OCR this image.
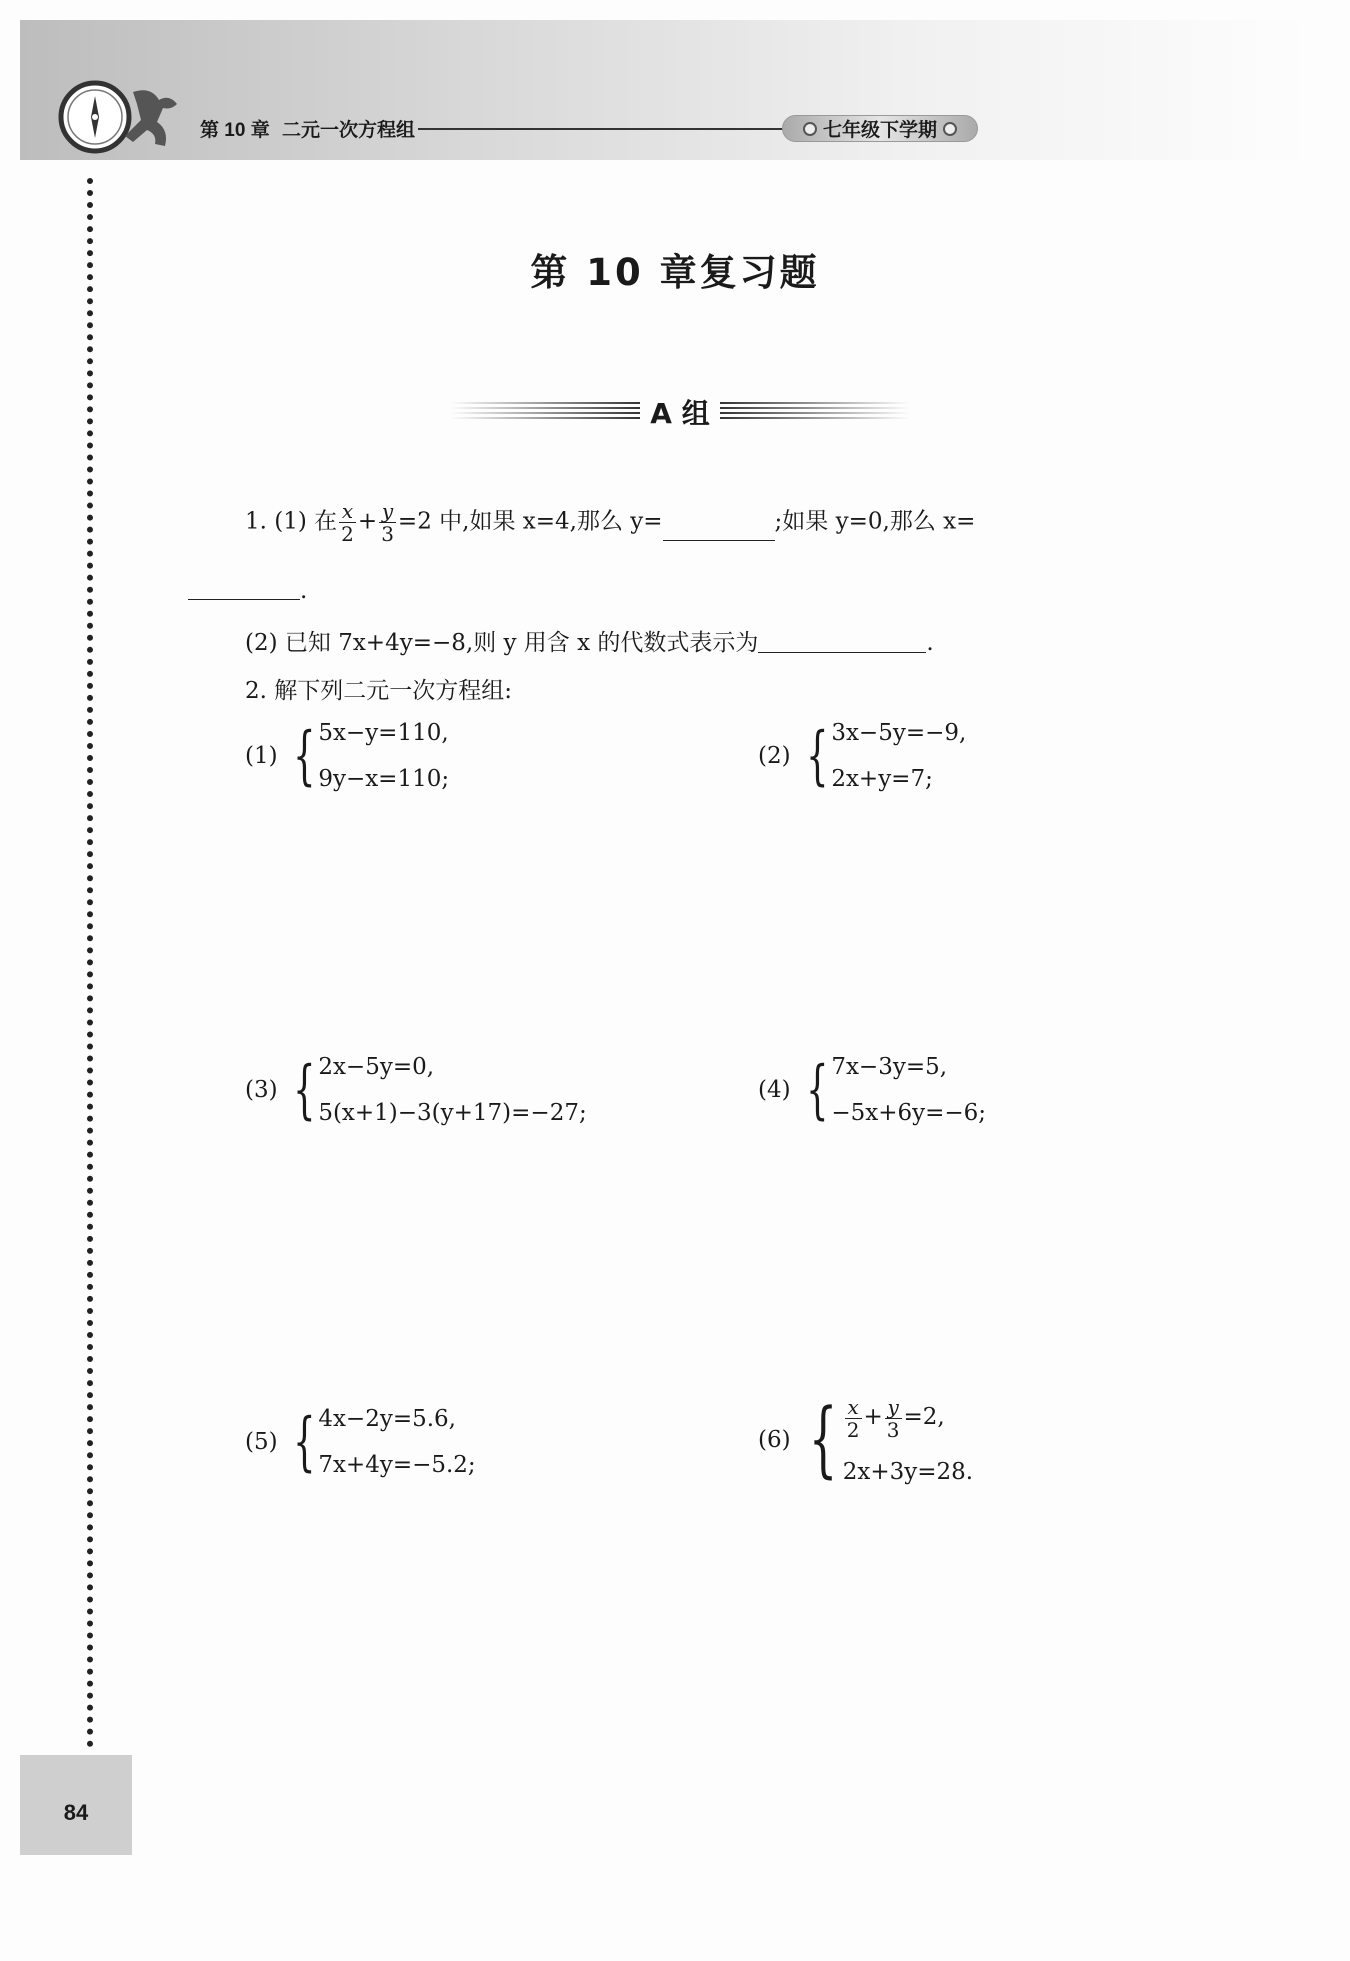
第 10 章 二元一次方程组	七年级下学期
84
第 10 章复习题
A 组
1. (1) 在 $\frac{x}{2} + \frac{y}{3} =2$ 中,如果 x=4,那么 y=	;如果 y=0,那么 x=
.
(2) 已知 7x+4y=−8,则 y 用含 x 的代数式表示为	.
2. 解下列二元一次方程组:
(1) { 5x−y=110,
9y−x=110;
(2) { 3x−5y=−9,
2x+y=7;
(3) { 2x−5y=0,
5(x+1)−3(y+17)=−27;
(4) { 7x−3y=5,
−5x+6y=−6;
(5) { 4x−2y=5.6,
7x+4y=−5.2;
(6) { $\frac{x}{2} + \frac{y}{3} =2$,
2x+3y=28.
